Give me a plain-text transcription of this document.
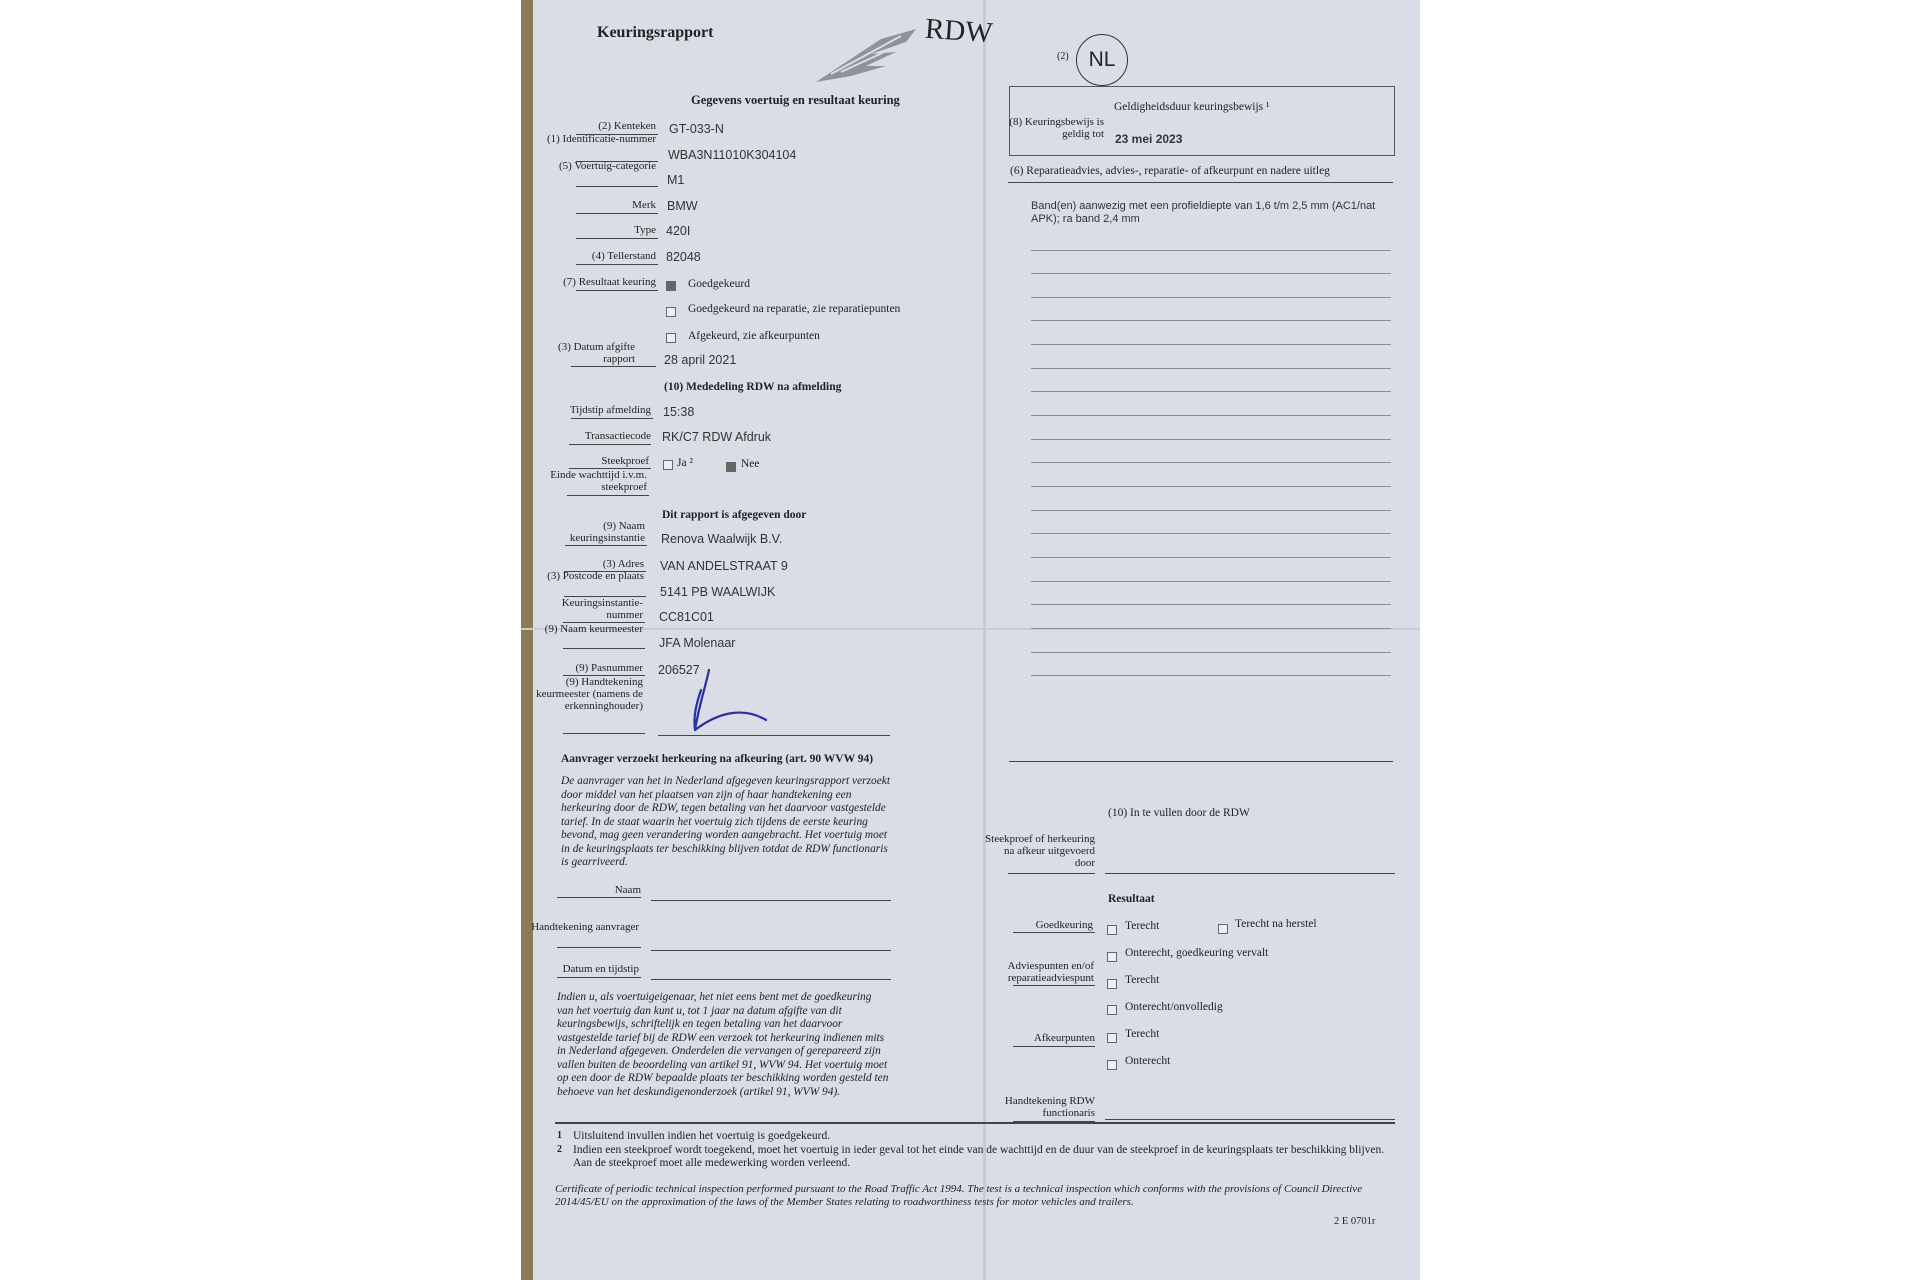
Keuringsrapport	RDW
(2) NL
Gegevens voertuig en resultaat keuring
(2) Kenteken GT-033-N
(1) Identificatie-nummer
WBA3N11010K304104
(5) Voertuig-categorie
M1
Merk BMW
Type 420I
(4) Tellerstand 82048
(7) Resultaat keuring	Goedgekeurd
Goedgekeurd na reparatie, zie reparatiepunten
Afgekeurd, zie afkeurpunten
(3) Datum afgifte rapport 28 april 2021
(10) Mededeling RDW na afmelding
Tijdstip afmelding 15:38
Transactiecode RK/C7 RDW Afdruk
Steekproef Ja ²	Nee
Einde wachttijd i.v.m. steekproef
Dit rapport is afgegeven door
(9) Naam keuringsinstantie Renova Waalwijk B.V.
(3) Adres VAN ANDELSTRAAT 9
(3) Postcode en plaats
5141 PB WAALWIJK
Keuringsinstantie-nummer CC81C01
(9) Naam keurmeester
JFA Molenaar
(9) Pasnummer 206527
(9) Handtekening keurmeester (namens de erkenninghouder)
Aanvrager verzoekt herkeuring na afkeuring (art. 90 WVW 94)
De aanvrager van het in Nederland afgegeven keuringsrapport verzoekt door middel van het plaatsen van zijn of haar handtekening een herkeuring door de RDW, tegen betaling van het daarvoor vastgestelde tarief. In de staat waarin het voertuig zich tijdens de eerste keuring bevond, mag geen verandering worden aangebracht. Het voertuig moet in de keuringsplaats ter beschikking blijven totdat de RDW functionaris is gearriveerd.
Naam
Handtekening aanvrager
Datum en tijdstip
Indien u, als voertuigeigenaar, het niet eens bent met de goedkeuring van het voertuig dan kunt u, tot 1 jaar na datum afgifte van dit keuringsbewijs, schriftelijk en tegen betaling van het daarvoor vastgestelde tarief bij de RDW een verzoek tot herkeuring indienen mits in Nederland afgegeven. Onderdelen die vervangen of gerepareerd zijn vallen buiten de beoordeling van artikel 91, WVW 94. Het voertuig moet op een door de RDW bepaalde plaats ter beschikking worden gesteld ten behoeve van het deskundigenonderzoek (artikel 91, WVW 94).
Geldigheidsduur keuringsbewijs ¹
(8) Keuringsbewijs is geldig tot 23 mei 2023
(6) Reparatieadvies, advies-, reparatie- of afkeurpunt en nadere uitleg
Band(en) aanwezig met een profieldiepte van 1,6 t/m 2,5 mm (AC1/nat APK); ra band 2,4 mm
(10) In te vullen door de RDW
Steekproef of herkeuring na afkeur uitgevoerd door
Resultaat
Goedkeuring	Terecht	Terecht na herstel
Onterecht, goedkeuring vervalt
Adviespunten en/of reparatieadviespunt	Terecht
Onterecht/onvolledig
Afkeurpunten	Terecht
Onterecht
Handtekening RDW functionaris
1 Uitsluitend invullen indien het voertuig is goedgekeurd.
2 Indien een steekproef wordt toegekend, moet het voertuig in ieder geval tot het einde van de wachttijd en de duur van de steekproef in de keuringsplaats ter beschikking blijven. Aan de steekproef moet alle medewerking worden verleend.
Certificate of periodic technical inspection performed pursuant to the Road Traffic Act 1994. The test is a technical inspection which conforms with the provisions of Council Directive 2014/45/EU on the approximation of the laws of the Member States relating to roadworthiness tests for motor vehicles and trailers.
2 E 0701r
